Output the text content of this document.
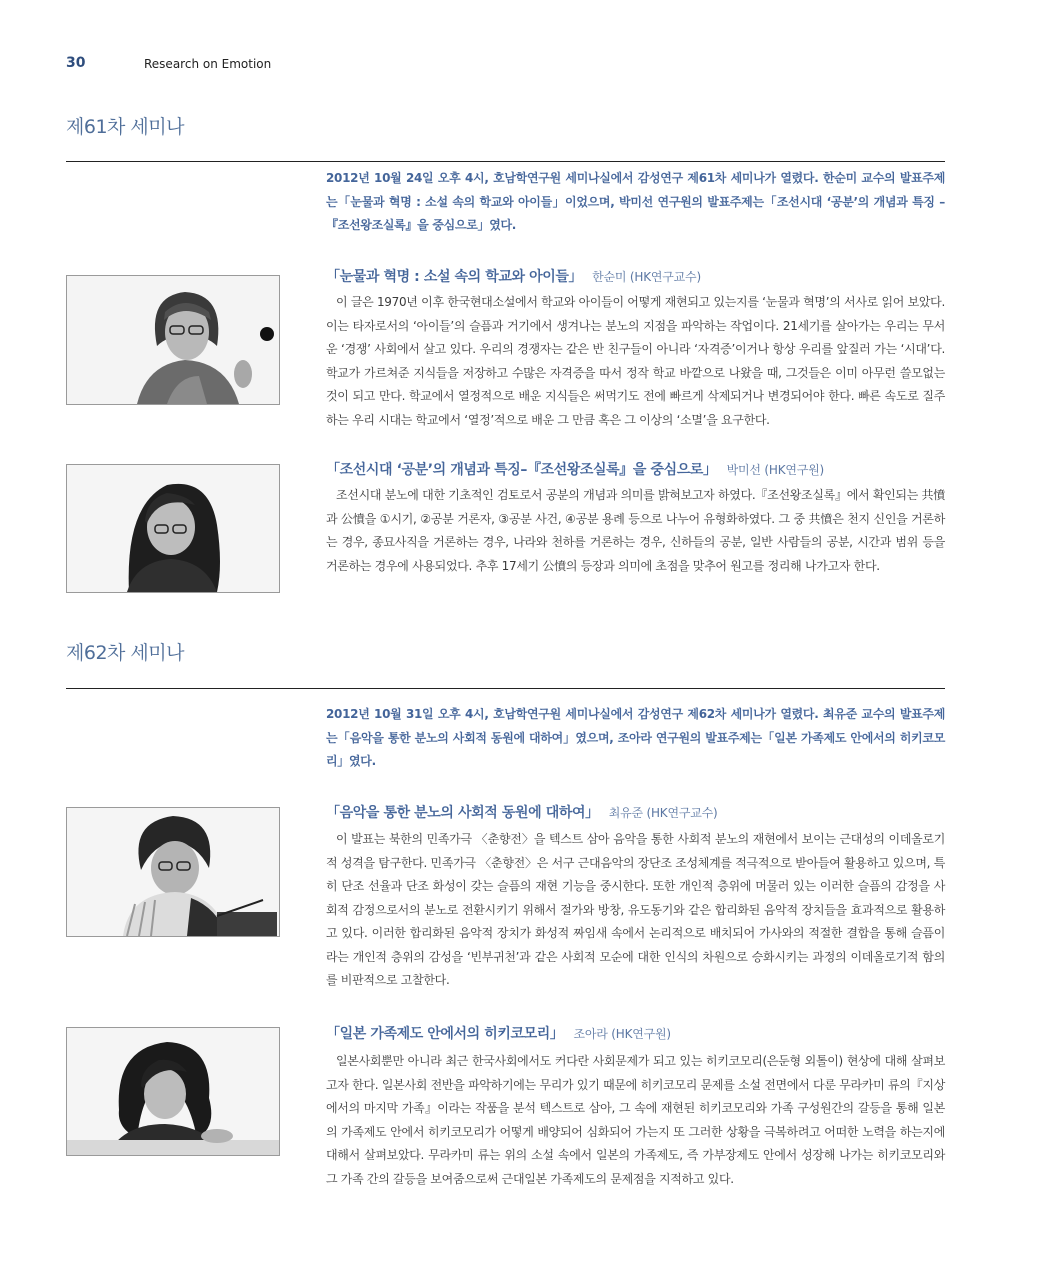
30	Research on Emotion
제61차 세미나

2012년 10월 24일 오후 4시, 호남학연구원 세미나실에서 감성연구 제61차 세미나가 열렸다. 한순미 교수의 발표주제는「눈물과 혁명 : 소설 속의 학교와 아이들」이었으며, 박미선 연구원의 발표주제는「조선시대 ‘공분’의 개념과 특징 –『조선왕조실록』을 중심으로」였다.

「눈물과 혁명 : 소설 속의 학교와 아이들」 한순미 (HK연구교수)

이 글은 1970년 이후 한국현대소설에서 학교와 아이들이 어떻게 재현되고 있는지를 ‘눈물과 혁명’의 서사로 읽어 보았다. 이는 타자로서의 ‘아이들’의 슬픔과 거기에서 생겨나는 분노의 지점을 파악하는 작업이다. 21세기를 살아가는 우리는 무서운 ‘경쟁’ 사회에서 살고 있다. 우리의 경쟁자는 같은 반 친구들이 아니라 ‘자격증’이거나 항상 우리를 앞질러 가는 ‘시대’다. 학교가 가르쳐준 지식들을 저장하고 수많은 자격증을 따서 정작 학교 바깥으로 나왔을 때, 그것들은 이미 아무런 쓸모없는 것이 되고 만다. 학교에서 열정적으로 배운 지식들은 써먹기도 전에 빠르게 삭제되거나 변경되어야 한다. 빠른 속도로 질주하는 우리 시대는 학교에서 ‘열정’적으로 배운 그 만큼 혹은 그 이상의 ‘소멸’을 요구한다.

「조선시대 ‘공분’의 개념과 특징–『조선왕조실록』을 중심으로」 박미선 (HK연구원)

조선시대 분노에 대한 기초적인 검토로서 공분의 개념과 의미를 밝혀보고자 하였다.『조선왕조실록』에서 확인되는 共憤과 公憤을 ①시기, ②공분 거론자, ③공분 사건, ④공분 용례 등으로 나누어 유형화하였다. 그 중 共憤은 천지 신인을 거론하는 경우, 종묘사직을 거론하는 경우, 나라와 천하를 거론하는 경우, 신하들의 공분, 일반 사람들의 공분, 시간과 범위 등을 거론하는 경우에 사용되었다. 추후 17세기 公憤의 등장과 의미에 초점을 맞추어 원고를 정리해 나가고자 한다.

제62차 세미나

2012년 10월 31일 오후 4시, 호남학연구원 세미나실에서 감성연구 제62차 세미나가 열렸다. 최유준 교수의 발표주제는「음악을 통한 분노의 사회적 동원에 대하여」였으며, 조아라 연구원의 발표주제는「일본 가족제도 안에서의 히키코모리」였다.

「음악을 통한 분노의 사회적 동원에 대하여」 최유준 (HK연구교수)

이 발표는 북한의 민족가극 〈춘향전〉을 텍스트 삼아 음악을 통한 사회적 분노의 재현에서 보이는 근대성의 이데올로기적 성격을 탐구한다. 민족가극 〈춘향전〉은 서구 근대음악의 장단조 조성체계를 적극적으로 받아들여 활용하고 있으며, 특히 단조 선율과 단조 화성이 갖는 슬픔의 재현 기능을 중시한다. 또한 개인적 층위에 머물러 있는 이러한 슬픔의 감정을 사회적 감정으로서의 분노로 전환시키기 위해서 절가와 방창, 유도동기와 같은 합리화된 음악적 장치들을 효과적으로 활용하고 있다. 이러한 합리화된 음악적 장치가 화성적 짜임새 속에서 논리적으로 배치되어 가사와의 적절한 결합을 통해 슬픔이라는 개인적 층위의 감성을 ‘빈부귀천’과 같은 사회적 모순에 대한 인식의 차원으로 승화시키는 과정의 이데올로기적 함의를 비판적으로 고찰한다.

「일본 가족제도 안에서의 히키코모리」 조아라 (HK연구원)

일본사회뿐만 아니라 최근 한국사회에서도 커다란 사회문제가 되고 있는 히키코모리(은둔형 외톨이) 현상에 대해 살펴보고자 한다. 일본사회 전반을 파악하기에는 무리가 있기 때문에 히키코모리 문제를 소설 전면에서 다룬 무라카미 류의『지상에서의 마지막 가족』이라는 작품을 분석 텍스트로 삼아, 그 속에 재현된 히키코모리와 가족 구성원간의 갈등을 통해 일본의 가족제도 안에서 히키코모리가 어떻게 배양되어 심화되어 가는지 또 그러한 상황을 극복하려고 어떠한 노력을 하는지에 대해서 살펴보았다. 무라카미 류는 위의 소설 속에서 일본의 가족제도, 즉 가부장제도 안에서 성장해 나가는 히키코모리와 그 가족 간의 갈등을 보여줌으로써 근대일본 가족제도의 문제점을 지적하고 있다.
